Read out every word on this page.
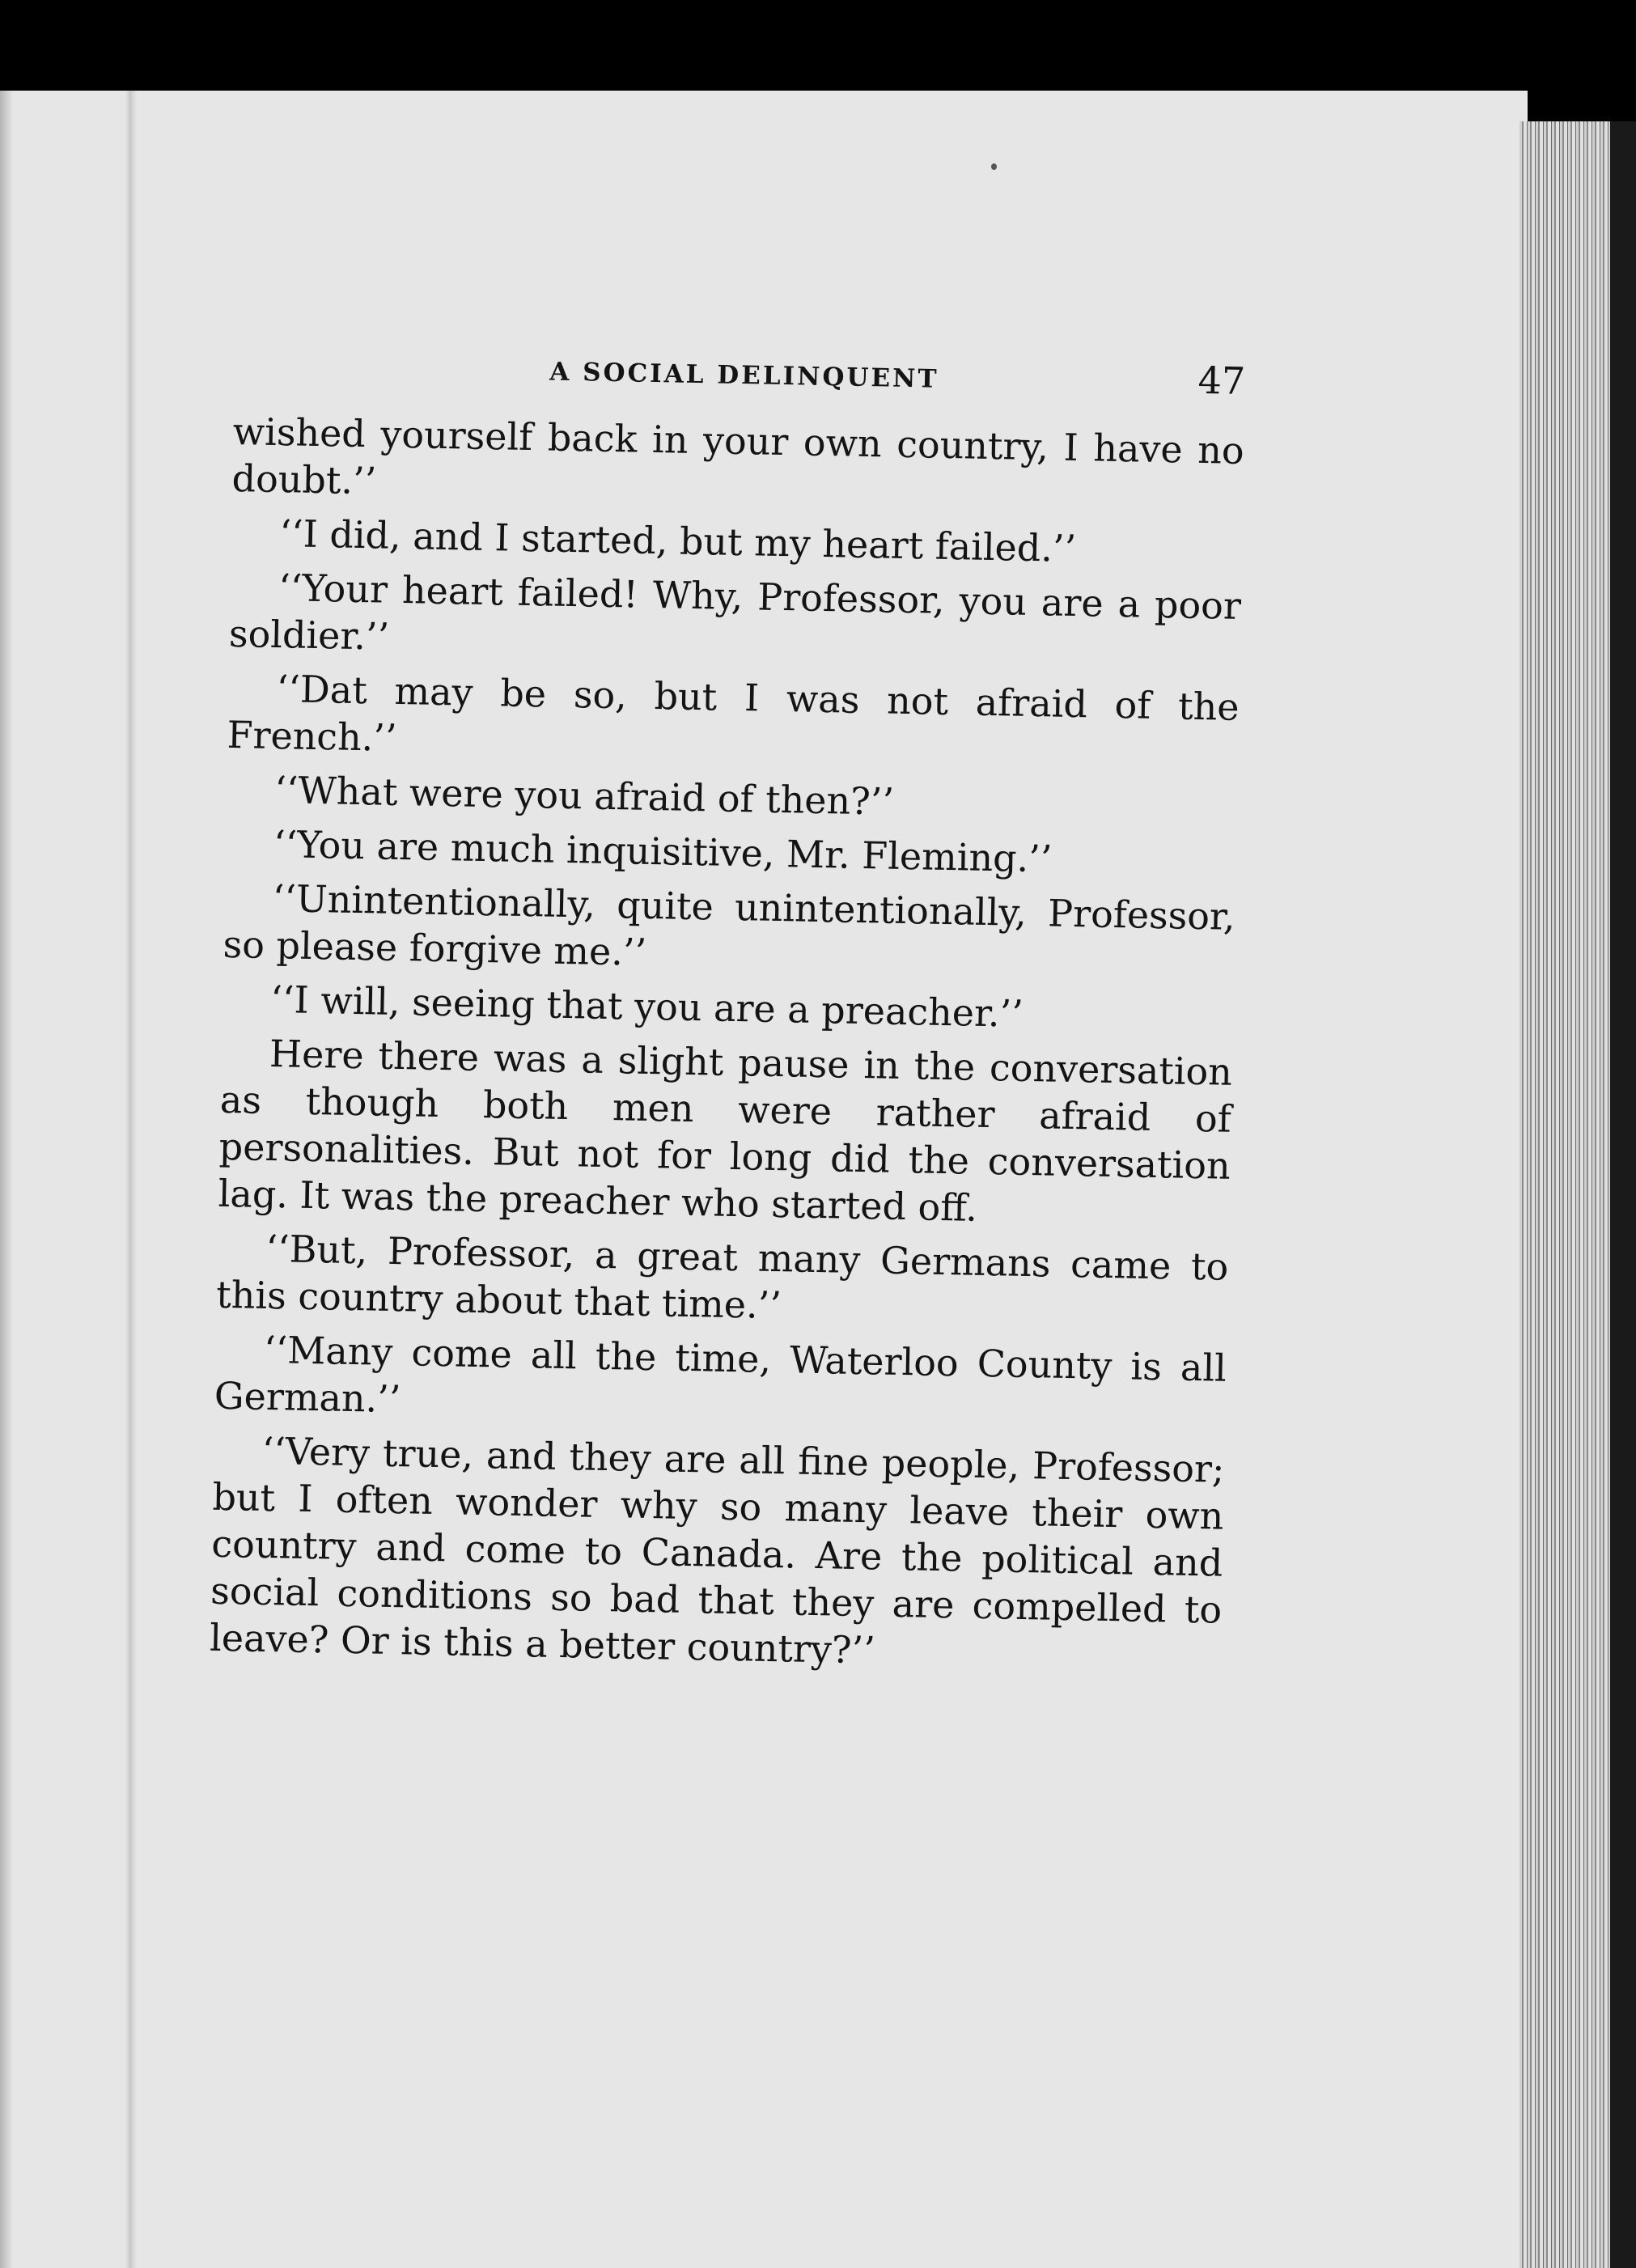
A SOCIAL DELINQUENT	47

wished yourself back in your own country, I have no doubt.’’

‘‘I did, and I started, but my heart failed.’’

‘‘Your heart failed! Why, Professor, you are a poor soldier.’’

‘‘Dat may be so, but I was not afraid of the French.’’

‘‘What were you afraid of then?’’

‘‘You are much inquisitive, Mr. Fleming.’’

‘‘Unintentionally, quite unintentionally, Professor, so please forgive me.’’

‘‘I will, seeing that you are a preacher.’’

Here there was a slight pause in the conversation as though both men were rather afraid of personalities. But not for long did the conversation lag. It was the preacher who started off.

‘‘But, Professor, a great many Germans came to this country about that time.’’

‘‘Many come all the time, Waterloo County is all German.’’

‘‘Very true, and they are all fine people, Professor; but I often wonder why so many leave their own country and come to Canada. Are the political and social conditions so bad that they are compelled to leave? Or is this a better country?’’
